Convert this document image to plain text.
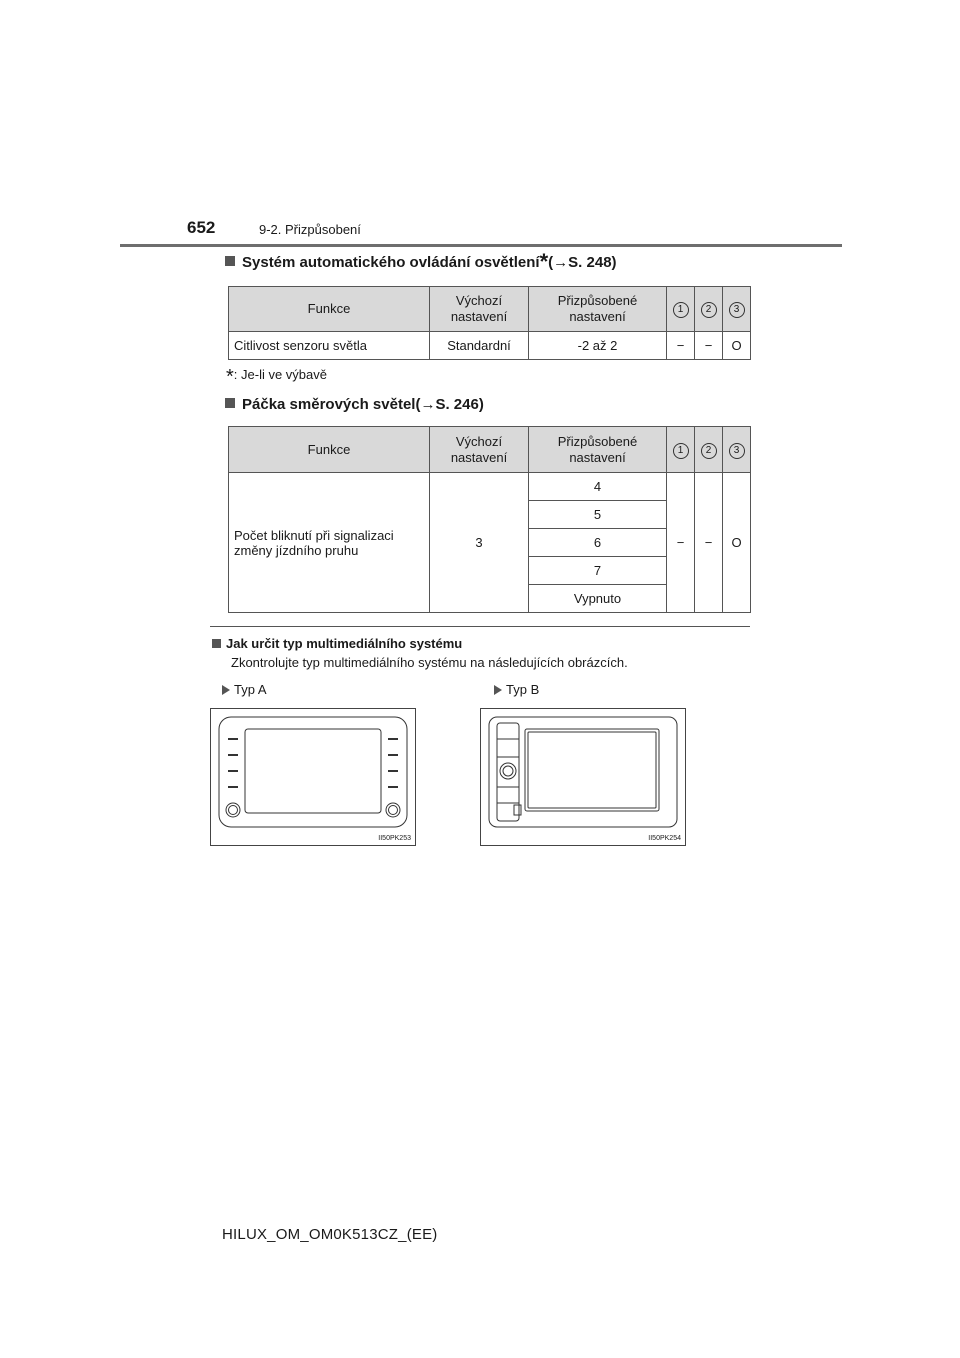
652	9-2. Přizpůsobení
Systém automatického ovládání osvětlení * (→S. 248)
Funkce	Výchozí nastavení	Přizpůsobené nastavení	1	2	3
Citlivost senzoru světla	Standardní	-2 až 2	−	−	O
*: Je-li ve výbavě
Páčka směrových světel (→S. 246)
Funkce	Výchozí nastavení	Přizpůsobené nastavení	1	2	3
Počet bliknutí při signalizaci změny jízdního pruhu	3	4	−	−	O
		5			
		6			
		7			
		Vypnuto			
Jak určit typ multimediálního systému
Zkontrolujte typ multimediálního systému na následujících obrázcích.
Typ A	Typ B
II50PK253	II50PK254
HILUX_OM_OM0K513CZ_(EE)
